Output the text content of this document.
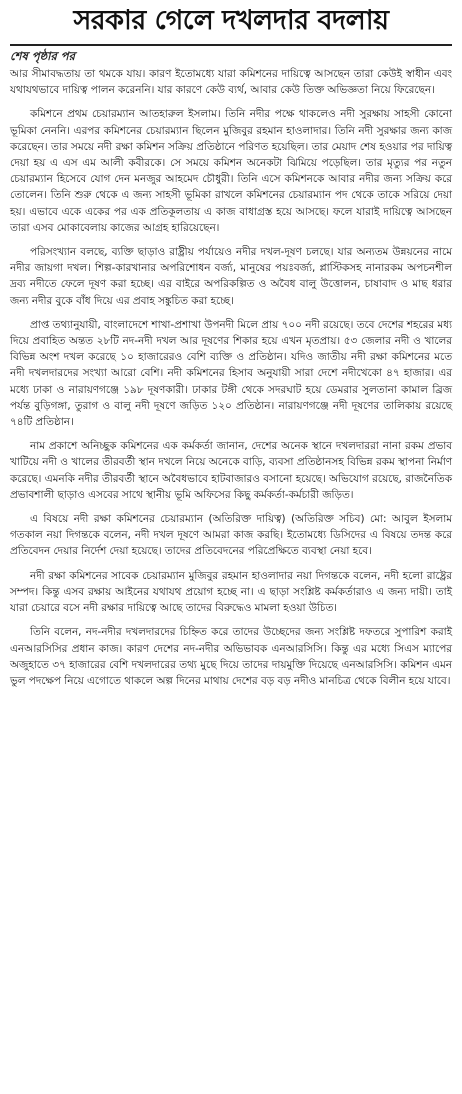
সরকার গেলে দখলদার বদলায়

শেষ পৃষ্ঠার পর

আর সীমাবদ্ধতায় তা থমকে যায়। কারণ ইতোমধ্যে যারা কমিশনের দায়িত্বে আসছেন তারা কেউই স্বাধীন এবং যথাযথভাবে দায়িত্ব পালন করেননি। যার কারণে কেউ ব্যর্থ, আবার কেউ তিক্ত অভিজ্ঞতা নিয়ে ফিরেছেন।

কমিশনে প্রথম চেয়ারম্যান আতহারুল ইসলাম। তিনি নদীর পক্ষে থাকলেও নদী সুরক্ষায় সাহসী কোনো ভূমিকা নেননি। এরপর কমিশনের চেয়ারম্যান ছিলেন মুজিবুর রহমান হাওলাদার। তিনি নদী সুরক্ষার জন্য কাজ করেছেন। তার সময়ে নদী রক্ষা কমিশন সক্রিয় প্রতিষ্ঠানে পরিণত হয়েছিল। তার মেয়াদ শেষ হওয়ার পর দায়িত্ব দেয়া হয় এ এস এম আলী কবীরকে। সে সময়ে কমিশন অনেকটা ঝিমিয়ে পড়েছিল। তার মৃত্যুর পর নতুন চেয়ারম্যান হিসেবে যোগ দেন মনজুর আহমেদ চৌধুরী। তিনি এসে কমিশনকে আবার নদীর জন্য সক্রিয় করে তোলেন। তিনি শুরু থেকে এ জন্য সাহসী ভূমিকা রাখলে কমিশনের চেয়ারম্যান পদ থেকে তাকে সরিয়ে দেয়া হয়। এভাবে একে একের পর এক প্রতিকূলতায় এ কাজ বাধাগ্রস্ত হয়ে আসছে। ফলে যারাই দায়িত্বে আসছেন তারা এসব মোকাবেলায় কাজের আগ্রহ হারিয়েছেন।

পরিসংখ্যান বলছে, ব্যক্তি ছাড়াও রাষ্ট্রীয় পর্যায়েও নদীর দখল-দূষণ চলছে। যার অন্যতম উন্নয়নের নামে নদীর জায়গা দখল। শিল্প-কারখানার অপরিশোধন বর্জ্য, মানুষের পয়ঃবর্জ্য, প্লাস্টিকসহ নানারকম অপচনশীল দ্রব্য নদীতে ফেলে দূষণ করা হচ্ছে। এর বাইরে অপরিকল্পিত ও অবৈধ বালু উত্তোলন, চাষাবাদ ও মাছ ধরার জন্য নদীর বুকে বাঁধ দিয়ে এর প্রবাহ সঙ্কুচিত করা হচ্ছে।

প্রাপ্ত তথ্যানুযায়ী, বাংলাদেশে শাখা-প্রশাখা উপনদী মিলে প্রায় ৭০০ নদী রয়েছে। তবে দেশের শহরের মধ্য দিয়ে প্রবাহিত অন্তত ২৮টি নদ-নদী দখল আর দূষণের শিকার হয়ে এখন মৃতপ্রায়। ৫৩ জেলার নদী ও খালের বিভিন্ন অংশ দখল করেছে ১০ হাজারেরও বেশি ব্যক্তি ও প্রতিষ্ঠান। যদিও জাতীয় নদী রক্ষা কমিশনের মতে নদী দখলদারদের সংখ্যা আরো বেশি। নদী কমিশনের হিসাব অনুযায়ী সারা দেশে নদীখেকো ৪৭ হাজার। এর মধ্যে ঢাকা ও নারায়ণগঞ্জে ১৯৮ দূষণকারী। ঢাকার টঙ্গী থেকে সদরঘাট হয়ে ডেমরার সুলতানা কামাল ব্রিজ পর্যন্ত বুড়িগঙ্গা, তুরাগ ও বালু নদী দূষণে জড়িত ১২০ প্রতিষ্ঠান। নারায়ণগঞ্জে নদী দূষণের তালিকায় রয়েছে ৭৪টি প্রতিষ্ঠান।

নাম প্রকাশে অনিচ্ছুক কমিশনের এক কর্মকর্তা জানান, দেশের অনেক স্থানে দখলদাররা নানা রকম প্রভাব খাটিয়ে নদী ও খালের তীরবর্তী স্থান দখলে নিয়ে অনেকে বাড়ি, ব্যবসা প্রতিষ্ঠানসহ বিভিন্ন রকম স্থাপনা নির্মাণ করেছে। এমনকি নদীর তীরবর্তী স্থানে অবৈধভাবে হাটবাজারও বসানো হয়েছে। অভিযোগ রয়েছে, রাজনৈতিক প্রভাবশালী ছাড়াও এসবের সাথে স্থানীয় ভূমি অফিসের কিছু কর্মকর্তা-কর্মচারী জড়িত।

এ বিষয়ে নদী রক্ষা কমিশনের চেয়ারম্যান (অতিরিক্ত দায়িত্ব) (অতিরিক্ত সচিব) মো: আবুল ইসলাম গতকাল নয়া দিগন্তকে বলেন, নদী দখল দূষণে আমরা কাজ করছি। ইতোমধ্যে ডিসিদের এ বিষয়ে তদন্ত করে প্রতিবেদন দেয়ার নির্দেশ দেয়া হয়েছে। তাদের প্রতিবেদনের পরিপ্রেক্ষিতে ব্যবস্থা নেয়া হবে।

নদী রক্ষা কমিশনের সাবেক চেয়ারম্যান মুজিবুর রহমান হাওলাদার নয়া দিগন্তকে বলেন, নদী হলো রাষ্ট্রের সম্পদ। কিন্তু এসব রক্ষায় আইনের যথাযথ প্রয়োগ হচ্ছে না। এ ছাড়া সংশ্লিষ্ট কর্মকর্তারাও এ জন্য দায়ী। তাই যারা চেয়ারে বসে নদী রক্ষার দায়িত্বে আছে তাদের বিরুদ্ধেও মামলা হওয়া উচিত।

তিনি বলেন, নদ-নদীর দখলদারদের চিহ্নিত করে তাদের উচ্ছেদের জন্য সংশ্লিষ্ট দফতরে সুপারিশ করাই এনআরসিসির প্রধান কাজ। কারণ দেশের নদ-নদীর অভিভাবক এনআরসিসি। কিন্তু এর মধ্যে সিএস ম্যাপের অজুহাতে ৩৭ হাজারের বেশি দখলদারের তথ্য মুছে দিয়ে তাদের দায়মুক্তি দিয়েছে এনআরসিসি। কমিশন এমন ভুল পদক্ষেপ নিয়ে এগোতে থাকলে অল্প দিনের মাথায় দেশের বড় বড় নদীও মানচিত্র থেকে বিলীন হয়ে যাবে।
